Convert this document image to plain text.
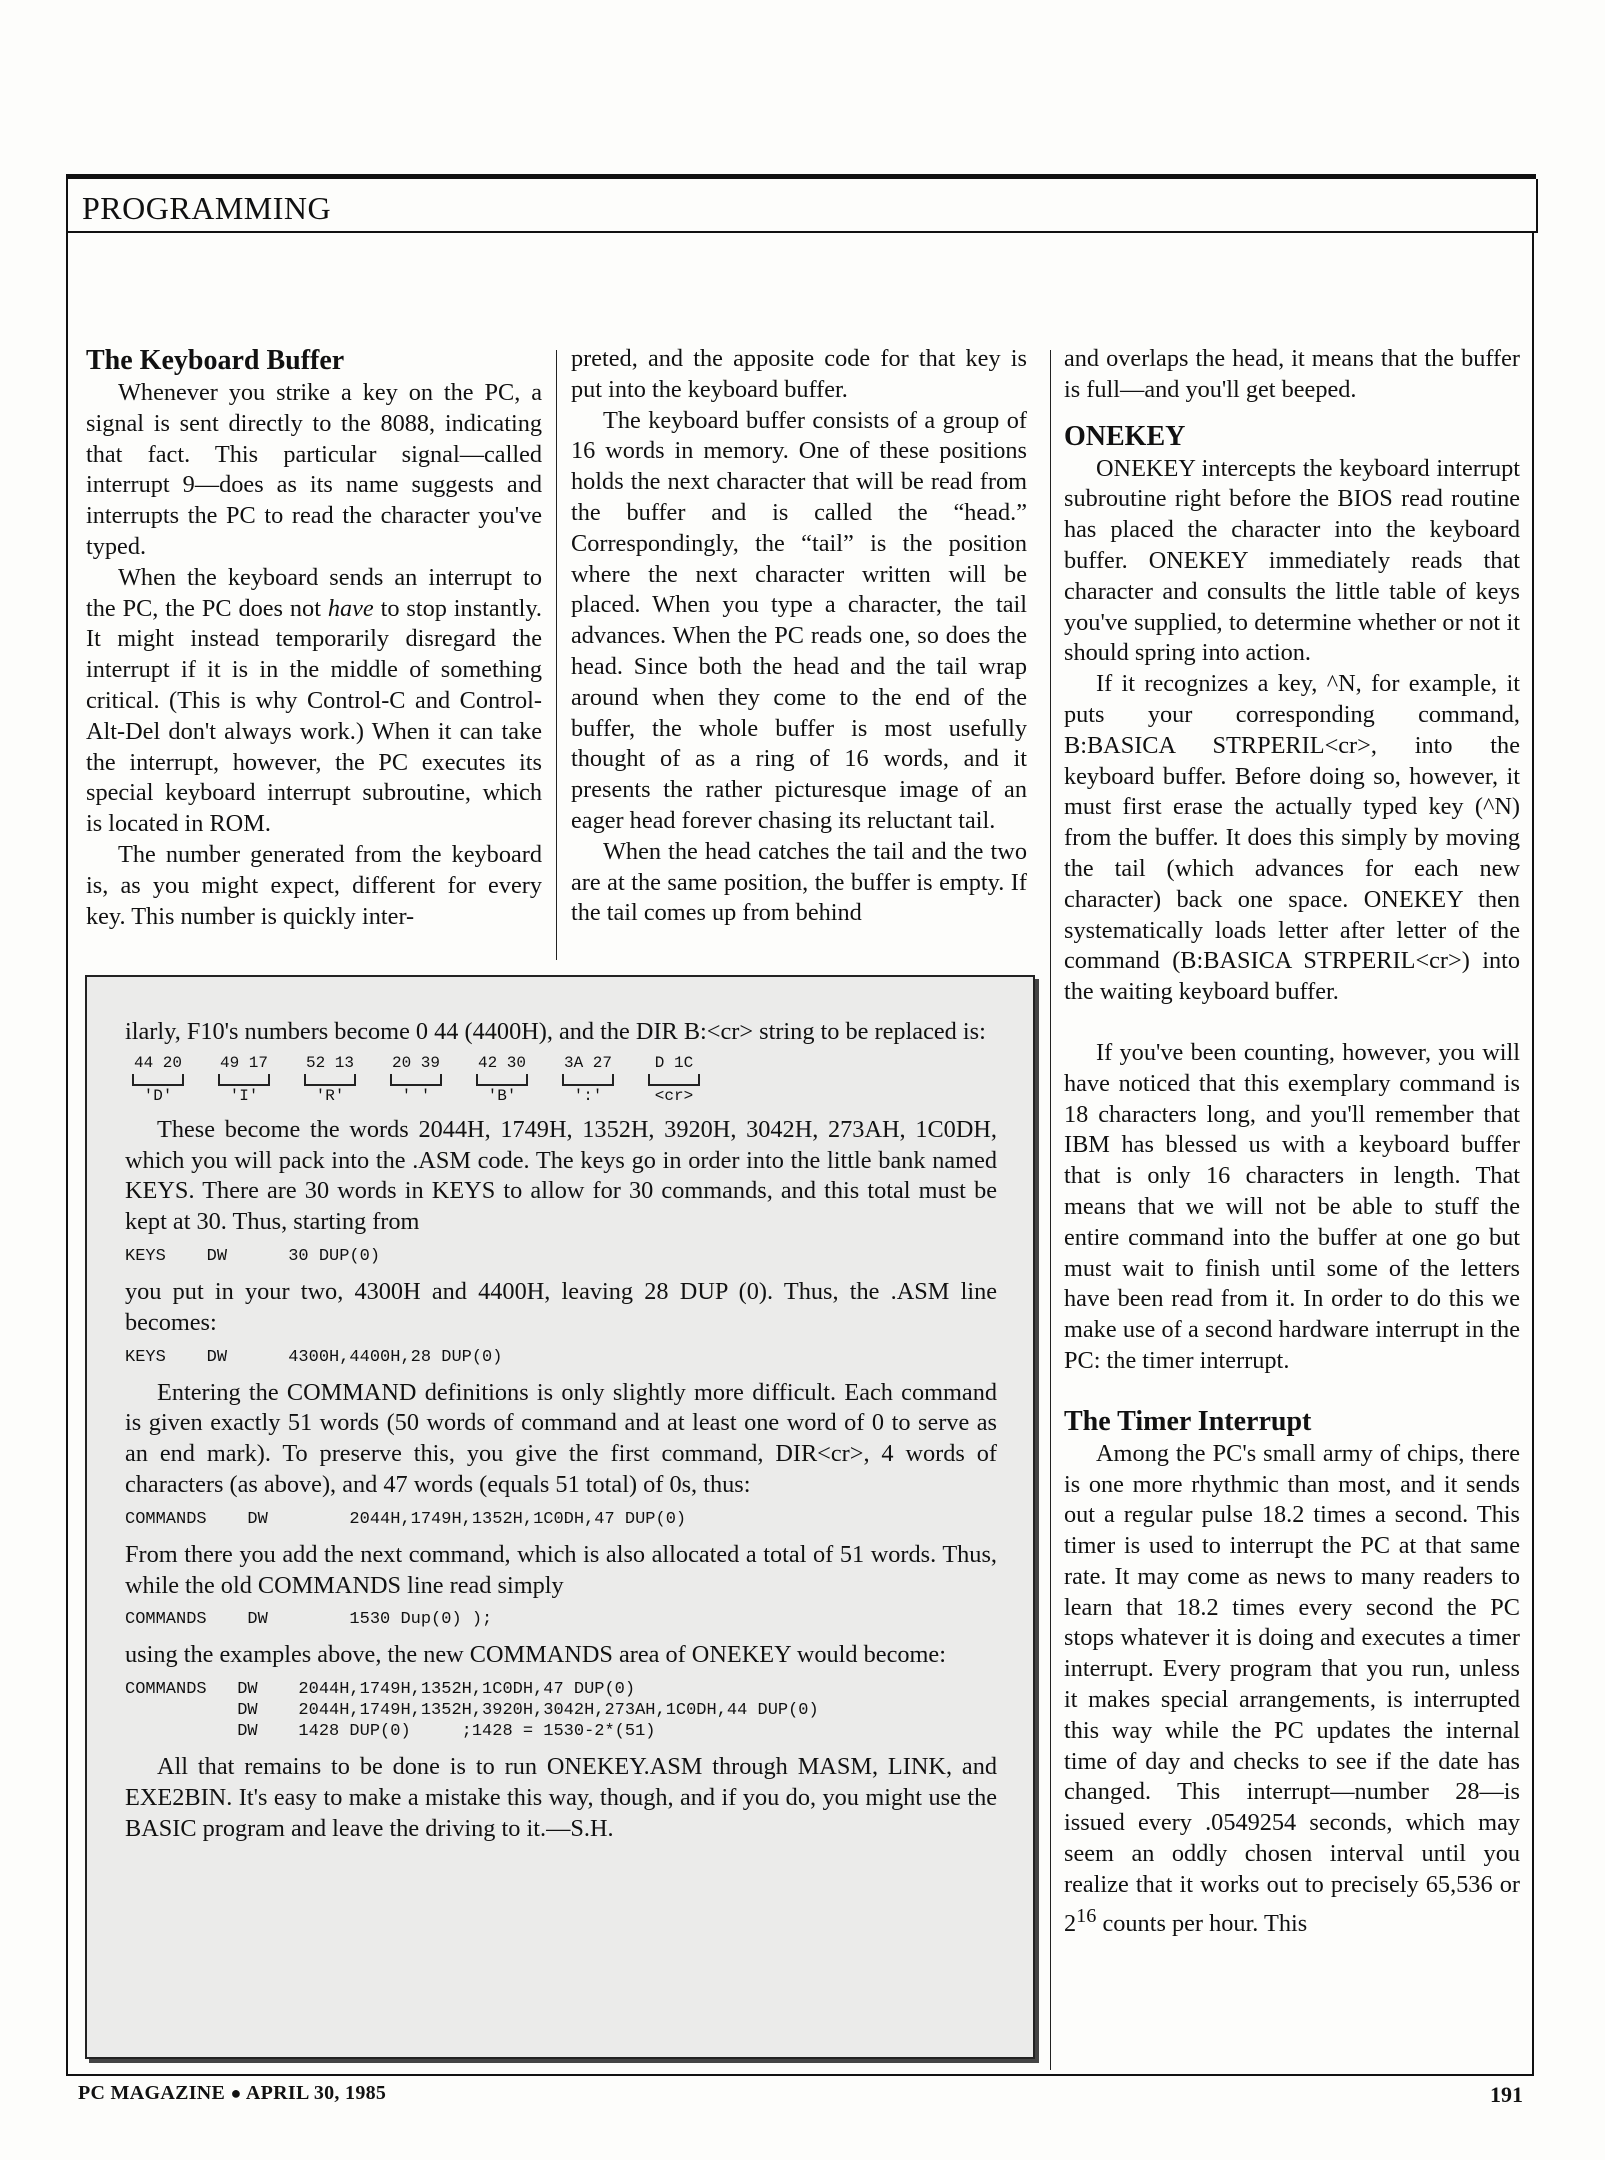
PROGRAMMING
The Keyboard Buffer

Whenever you strike a key on the PC, a signal is sent directly to the 8088, indicating that fact. This particular signal—called interrupt 9—does as its name suggests and interrupts the PC to read the character you've typed.

When the keyboard sends an interrupt to the PC, the PC does not have to stop instantly. It might instead temporarily disregard the interrupt if it is in the middle of something critical. (This is why Control-C and Control-Alt-Del don't always work.) When it can take the interrupt, however, the PC executes its special keyboard interrupt subroutine, which is located in ROM.

The number generated from the keyboard is, as you might expect, different for every key. This number is quickly inter-

preted, and the apposite code for that key is put into the keyboard buffer.

The keyboard buffer consists of a group of 16 words in memory. One of these positions holds the next character that will be read from the buffer and is called the “head.” Correspondingly, the “tail” is the position where the next character written will be placed. When you type a character, the tail advances. When the PC reads one, so does the head. Since both the head and the tail wrap around when they come to the end of the buffer, the whole buffer is most usefully thought of as a ring of 16 words, and it presents the rather picturesque image of an eager head forever chasing its reluctant tail.

When the head catches the tail and the two are at the same position, the buffer is empty. If the tail comes up from behind

and overlaps the head, it means that the buffer is full—and you'll get beeped.

ONEKEY

ONEKEY intercepts the keyboard interrupt subroutine right before the BIOS read routine has placed the character into the keyboard buffer. ONEKEY immediately reads that character and consults the little table of keys you've supplied, to determine whether or not it should spring into action.

If it recognizes a key, ^N, for example, it puts your corresponding command, B:BASICA STRPERIL<cr>, into the keyboard buffer. Before doing so, however, it must first erase the actually typed key (^N) from the buffer. It does this simply by moving the tail (which advances for each new character) back one space. ONEKEY then systematically loads letter after letter of the command (B:BASICA STRPERIL<cr>) into the waiting keyboard buffer.

If you've been counting, however, you will have noticed that this exemplary command is 18 characters long, and you'll remember that IBM has blessed us with a keyboard buffer that is only 16 characters in length. That means that we will not be able to stuff the entire command into the buffer at one go but must wait to finish until some of the letters have been read from it. In order to do this we make use of a second hardware interrupt in the PC: the timer interrupt.

The Timer Interrupt

Among the PC's small army of chips, there is one more rhythmic than most, and it sends out a regular pulse 18.2 times a second. This timer is used to interrupt the PC at that same rate. It may come as news to many readers to learn that 18.2 times every second the PC stops whatever it is doing and executes a timer interrupt. Every program that you run, unless it makes special arrangements, is interrupted this way while the PC updates the internal time of day and checks to see if the date has changed. This interrupt—number 28—is issued every .0549254 seconds, which may seem an oddly chosen interval until you realize that it works out to precisely 65,536 or $2^{16}$ counts per hour. This

ilarly, F10's numbers become 0 44 (4400H), and the DIR B:<cr> string to be replaced is:

44 20
'D'
49 17
'I'
52 13
'R'
20 39
' '
42 30
'B'
3A 27
':'
D 1C
<cr>

These become the words 2044H, 1749H, 1352H, 3920H, 3042H, 273AH, 1C0DH, which you will pack into the .ASM code. The keys go in order into the little bank named KEYS. There are 30 words in KEYS to allow for 30 commands, and this total must be kept at 30. Thus, starting from

KEYS    DW      30 DUP(0)

you put in your two, 4300H and 4400H, leaving 28 DUP (0). Thus, the .ASM line becomes:

KEYS    DW      4300H,4400H,28 DUP(0)

Entering the COMMAND definitions is only slightly more difficult. Each command is given exactly 51 words (50 words of command and at least one word of 0 to serve as an end mark). To preserve this, you give the first command, DIR<cr>, 4 words of characters (as above), and 47 words (equals 51 total) of 0s, thus:

COMMANDS    DW        2044H,1749H,1352H,1C0DH,47 DUP(0)

From there you add the next command, which is also allocated a total of 51 words. Thus, while the old COMMANDS line read simply

COMMANDS    DW        1530 Dup(0) );

using the examples above, the new COMMANDS area of ONEKEY would become:

COMMANDS   DW    2044H,1749H,1352H,1C0DH,47 DUP(0)
DW    2044H,1749H,1352H,3920H,3042H,273AH,1C0DH,44 DUP(0)
DW    1428 DUP(0)     ;1428 = 1530-2*(51)

All that remains to be done is to run ONEKEY.ASM through MASM, LINK, and EXE2BIN. It's easy to make a mistake this way, though, and if you do, you might use the BASIC program and leave the driving to it.—S.H.

PC MAGAZINE ● APRIL 30, 1985	191
